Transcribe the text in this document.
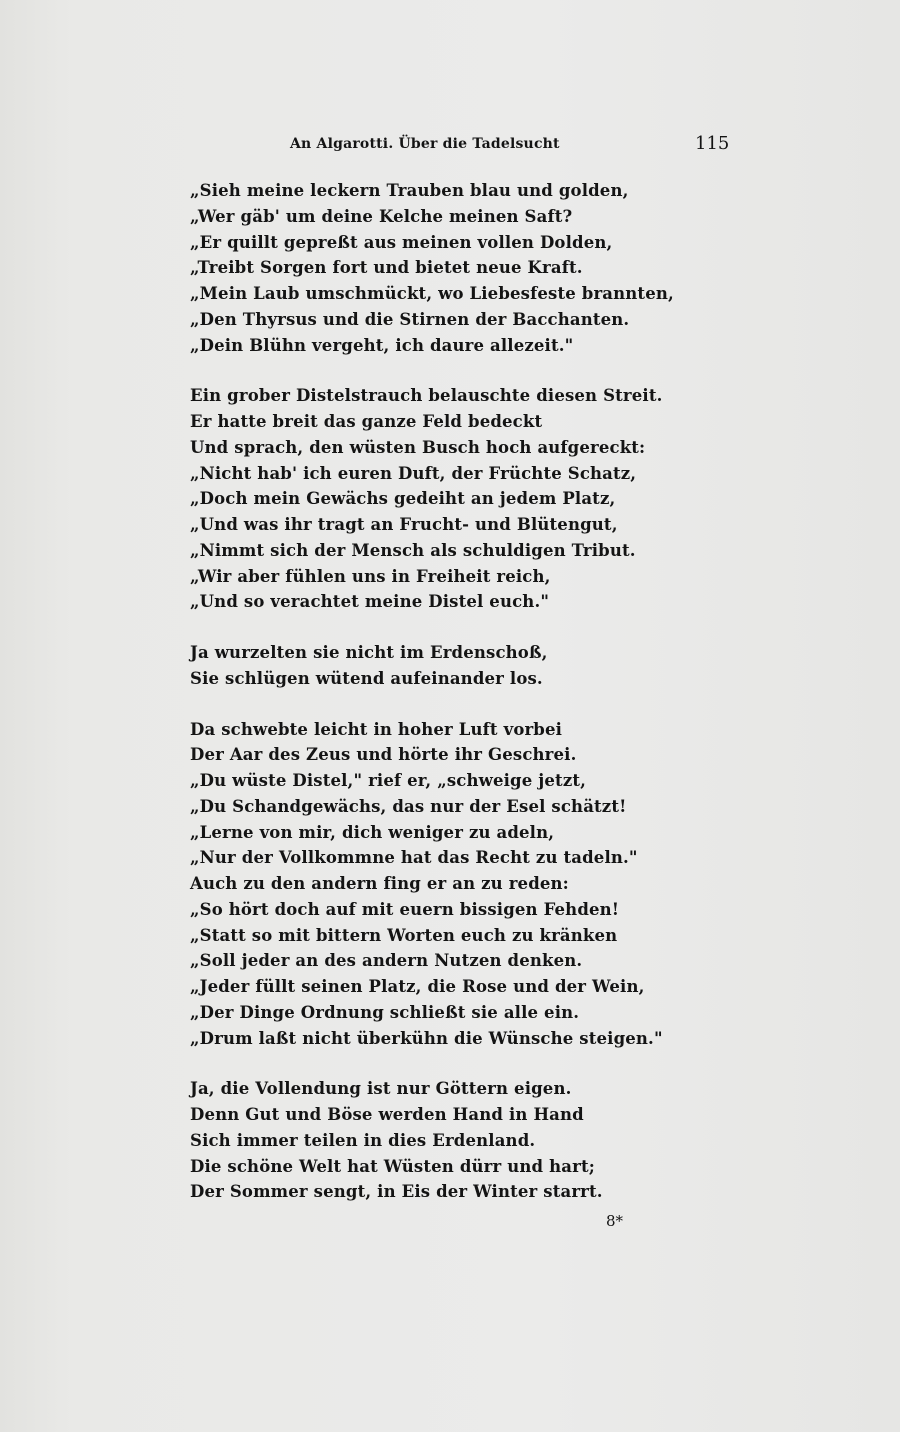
An Algarotti. Über die Tadelsucht	115
„Sieh meine leckern Trauben blau und golden,
„Wer gäb' um deine Kelche meinen Saft?
„Er quillt gepreßt aus meinen vollen Dolden,
„Treibt Sorgen fort und bietet neue Kraft.
„Mein Laub umschmückt, wo Liebesfeste brannten,
„Den Thyrsus und die Stirnen der Bacchanten.
„Dein Blühn vergeht, ich daure allezeit."
Ein grober Distelstrauch belauschte diesen Streit.
Er hatte breit das ganze Feld bedeckt
Und sprach, den wüsten Busch hoch aufgereckt:
„Nicht hab' ich euren Duft, der Früchte Schatz,
„Doch mein Gewächs gedeiht an jedem Platz,
„Und was ihr tragt an Frucht- und Blütengut,
„Nimmt sich der Mensch als schuldigen Tribut.
„Wir aber fühlen uns in Freiheit reich,
„Und so verachtet meine Distel euch."
Ja wurzelten sie nicht im Erdenschoß,
Sie schlügen wütend aufeinander los.
Da schwebte leicht in hoher Luft vorbei
Der Aar des Zeus und hörte ihr Geschrei.
„Du wüste Distel," rief er, „schweige jetzt,
„Du Schandgewächs, das nur der Esel schätzt!
„Lerne von mir, dich weniger zu adeln,
„Nur der Vollkommne hat das Recht zu tadeln."
Auch zu den andern fing er an zu reden:
„So hört doch auf mit euern bissigen Fehden!
„Statt so mit bittern Worten euch zu kränken
„Soll jeder an des andern Nutzen denken.
„Jeder füllt seinen Platz, die Rose und der Wein,
„Der Dinge Ordnung schließt sie alle ein.
„Drum laßt nicht überkühn die Wünsche steigen."
Ja, die Vollendung ist nur Göttern eigen.
Denn Gut und Böse werden Hand in Hand
Sich immer teilen in dies Erdenland.
Die schöne Welt hat Wüsten dürr und hart;
Der Sommer sengt, in Eis der Winter starrt.
8*
